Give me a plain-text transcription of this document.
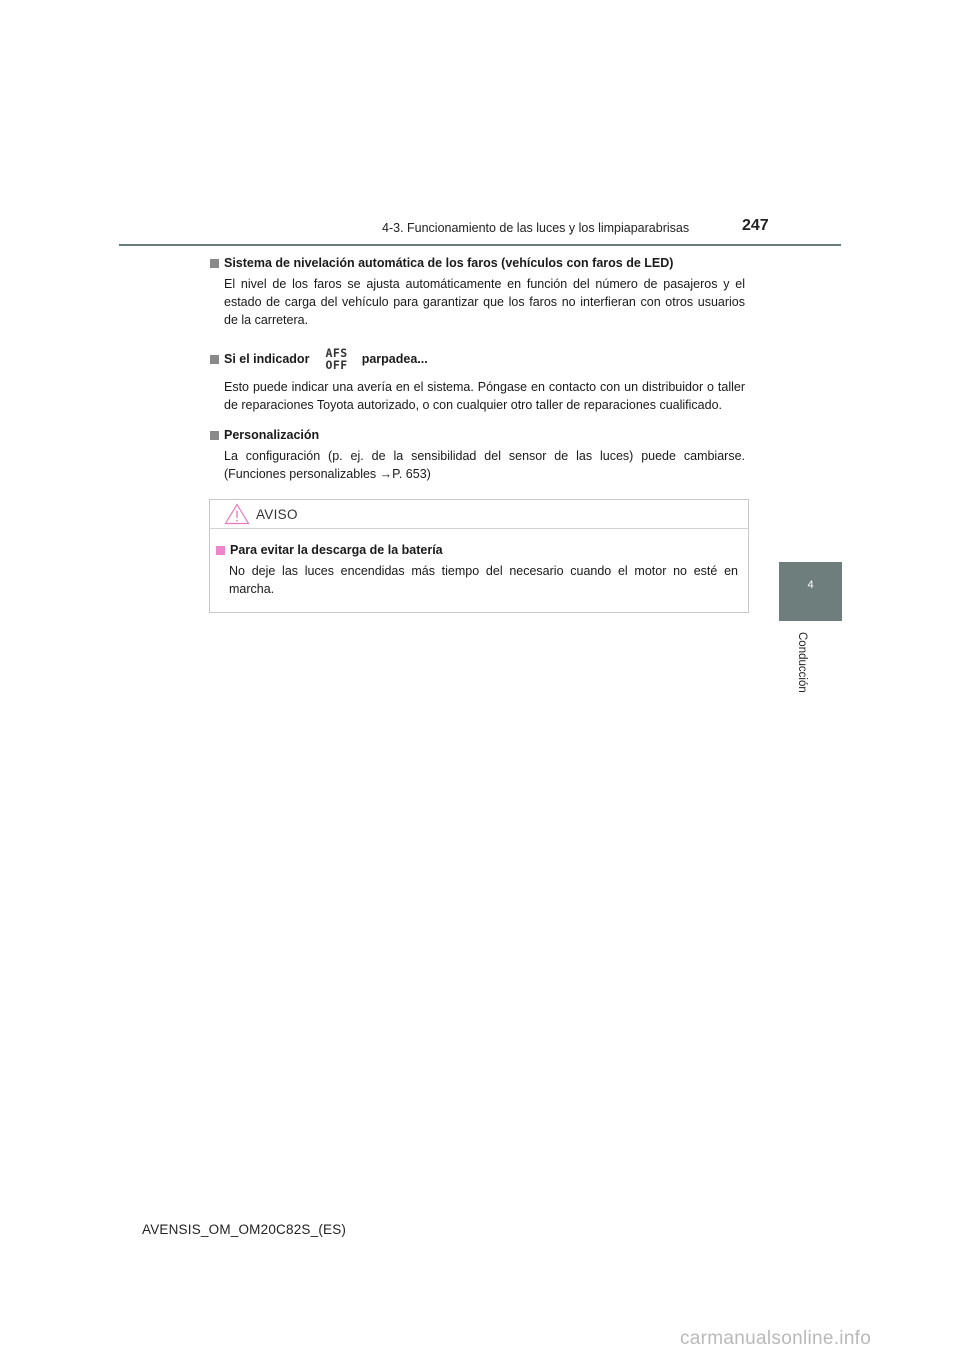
4-3. Funcionamiento de las luces y los limpiaparabrisas	247
4
Conducción
Sistema de nivelación automática de los faros (vehículos con faros de LED)
El nivel de los faros se ajusta automáticamente en función del número de pasajeros y el estado de carga del vehículo para garantizar que los faros no interfieran con otros usuarios de la carretera.
Si el indicador AFS
OFF parpadea...
Esto puede indicar una avería en el sistema. Póngase en contacto con un distribuidor o taller de reparaciones Toyota autorizado, o con cualquier otro taller de reparaciones cualificado.
Personalización
La configuración (p. ej. de la sensibilidad del sensor de las luces) puede cambiarse. (Funciones personalizables →P. 653)
AVISO
Para evitar la descarga de la batería
No deje las luces encendidas más tiempo del necesario cuando el motor no esté en marcha.
AVENSIS_OM_OM20C82S_(ES)
carmanualsonline.info
